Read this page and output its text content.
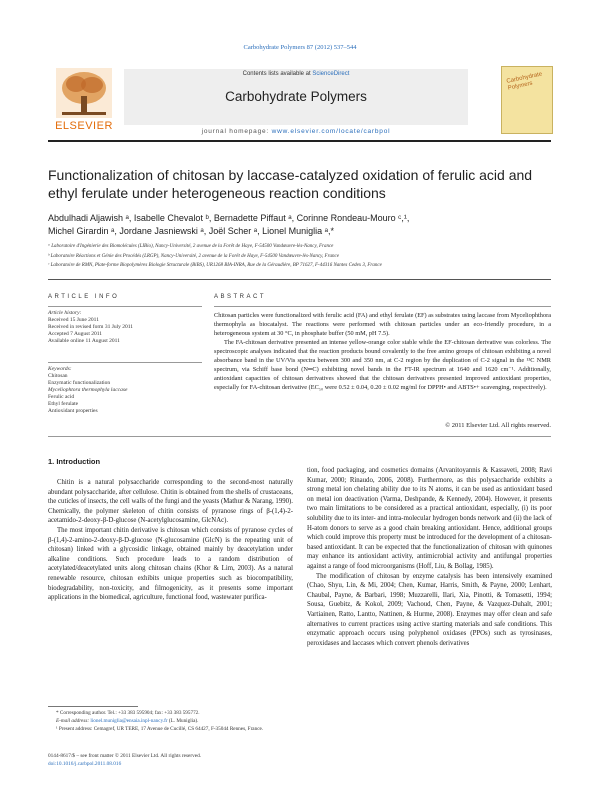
Carbohydrate Polymers 87 (2012) 537–544
ELSEVIER
Contents lists available at ScienceDirect
Carbohydrate Polymers
journal homepage: www.elsevier.com/locate/carbpol
Carbohydrate Polymers
Functionalization of chitosan by laccase-catalyzed oxidation of ferulic acid and ethyl ferulate under heterogeneous reaction conditions
Abdulhadi Aljawish ᵃ, Isabelle Chevalot ᵇ, Bernadette Piffaut ᵃ, Corinne Rondeau-Mouro ᶜ,¹,
Michel Girardin ᵃ, Jordane Jasniewski ᵃ, Joël Scher ᵃ, Lionel Muniglia ᵃ,*
ᵃ Laboratoire d'Ingénierie des Biomolécules (LIBio), Nancy-Université, 2 avenue de la Forêt de Haye, F-54500 Vandœuvre-lès-Nancy, France
ᵇ Laboratoire Réactions et Génie des Procédés (LRGP), Nancy-Université, 2 avenue de la Forêt de Haye, F-54500 Vandœuvre-lès-Nancy, France
ᶜ Laboratoire de RMN, Plate-forme Biopolymères Biologie Structurale (BiBS), UR1268 BIA-INRA, Rue de la Géraudière, BP 71627, F-44316 Nantes Cedex 3, France
ARTICLE INFO	ABSTRACT
Article history:
Received 15 June 2011
Received in revised form 31 July 2011
Accepted 7 August 2011
Available online 11 August 2011
Keywords:
Chitosan
Enzymatic functionalization
Myceliophtora thermophyla laccase
Ferulic acid
Ethyl ferulate
Antioxidant properties

Chitosan particles were functionalized with ferulic acid (FA) and ethyl ferulate (EF) as substrates using laccase from Myceliophthora thermophyla as biocatalyst. The reactions were performed with chitosan particles under an eco-friendly procedure, in a heterogeneous system at 30 °C, in phosphate buffer (50 mM, pH 7.5).

The FA-chitosan derivative presented an intense yellow-orange color stable while the EF-chitosan derivative was colorless. The spectroscopic analyses indicated that the reaction products bound covalently to the free amino groups of chitosan exhibiting a novel absorbance band in the UV/Vis spectra between 300 and 350 nm, at C-2 region by the duplication of C-2 signal in the ¹³C NMR spectrum, via Schiff base bond (N═C) exhibiting novel bands in the FT-IR spectrum at 1640 and 1620 cm⁻¹. Additionally, antioxidant capacities of chitosan derivatives showed that the chitosan derivatives presented improved antioxidant properties, especially for FA-chitosan derivative (EC₅₀ were 0.52 ± 0.04, 0.20 ± 0.02 mg/ml for DPPH• and ABTS•+ scavenging, respectively).

© 2011 Elsevier Ltd. All rights reserved.
1. Introduction

Chitin is a natural polysaccharide corresponding to the second-most naturally abundant polysaccharide, after cellulose. Chitin is obtained from the shells of crustaceans, the cuticles of insects, the cell walls of the fungi and the yeasts (Mathur & Narang, 1990). Chemically, the polymer skeleton of chitin consists of pyranose rings of β-(1,4)-2-acetamido-2-deoxy-β-D-glucose (N-acetylglucosamine, GlcNAc).

The most important chitin derivative is chitosan which consists of pyranose cycles of β-(1,4)-2-amino-2-deoxy-β-D-glucose (N-glucosamine (GlcN) is the repeating unit of chitosan) linked with a glycosidic linkage, obtained mainly by deacetylation under alkaline conditions. Such procedure leads to a random distribution of acetylated/deacetylated units along chitosan chains (Khor & Lim, 2003). As a natural renewable resource, chitosan exhibits unique properties such as biocompatibility, biodegradability, non-toxicity, and filmogenicity, as it presents some important applications in the biomedical, agriculture, functional food, wastewater purifica-

tion, food packaging, and cosmetics domains (Arvanitoyannis & Kassaveti, 2008; Ravi Kumar, 2000; Rinaudo, 2006, 2008). Furthermore, as this polysaccharide exhibits a strong metal ion chelating ability due to its N atoms, it can be used as antioxidant based on metal ion deactivation (Varma, Deshpande, & Kennedy, 2004). However, it presents two main limitations to be considered as a practical antioxidant, especially, (i) its poor solubility due to its inter- and intra-molecular hydrogen bonds network and (ii) the lack of H-atom donors to serve as a good chain breaking antioxidant. Hence, additional groups which could improve this property must be introduced for the development of a chitosan-based antioxidant. It can be expected that the functionalization of chitosan with quinones may enhance its antioxidant activity, antimicrobial activity and antifungal properties against a range of food microorganisms (Hoff, Liu, & Bollag, 1985).

The modification of chitosan by enzyme catalysis has been intensively examined (Chao, Shyu, Lin, & Mi, 2004; Chen, Kumar, Harris, Smith, & Payne, 2000; Lenhart, Chaubal, Payne, & Barbari, 1998; Muzzarelli, Ilari, Xia, Pinotti, & Tomasetti, 1994; Sousa, Guebitz, & Kokol, 2009; Vachoud, Chen, Payne, & Vazquez-Duhalt, 2001; Vartiainen, Ratto, Lantto, Nattinen, & Hurme, 2008). Enzymes may offer clean and safe alternatives to current practices using active starting materials and safe conditions. This enzymatic approach occurs using polyphenol oxidases (PPOs) such as tyrosinases, peroxidases and laccases which convert phenols derivatives

* Corresponding author. Tel.: +33 383 595904; fax: +33 383 595772.

E-mail address: lionel.muniglia@ensaia.inpl-nancy.fr (L. Muniglia).

¹ Present address: Cemagref, UR TERE, 17 Avenue de Cucillé, CS 64427, F-35044 Rennes, France.

0144-8617/$ – see front matter © 2011 Elsevier Ltd. All rights reserved.
doi:10.1016/j.carbpol.2011.08.016
